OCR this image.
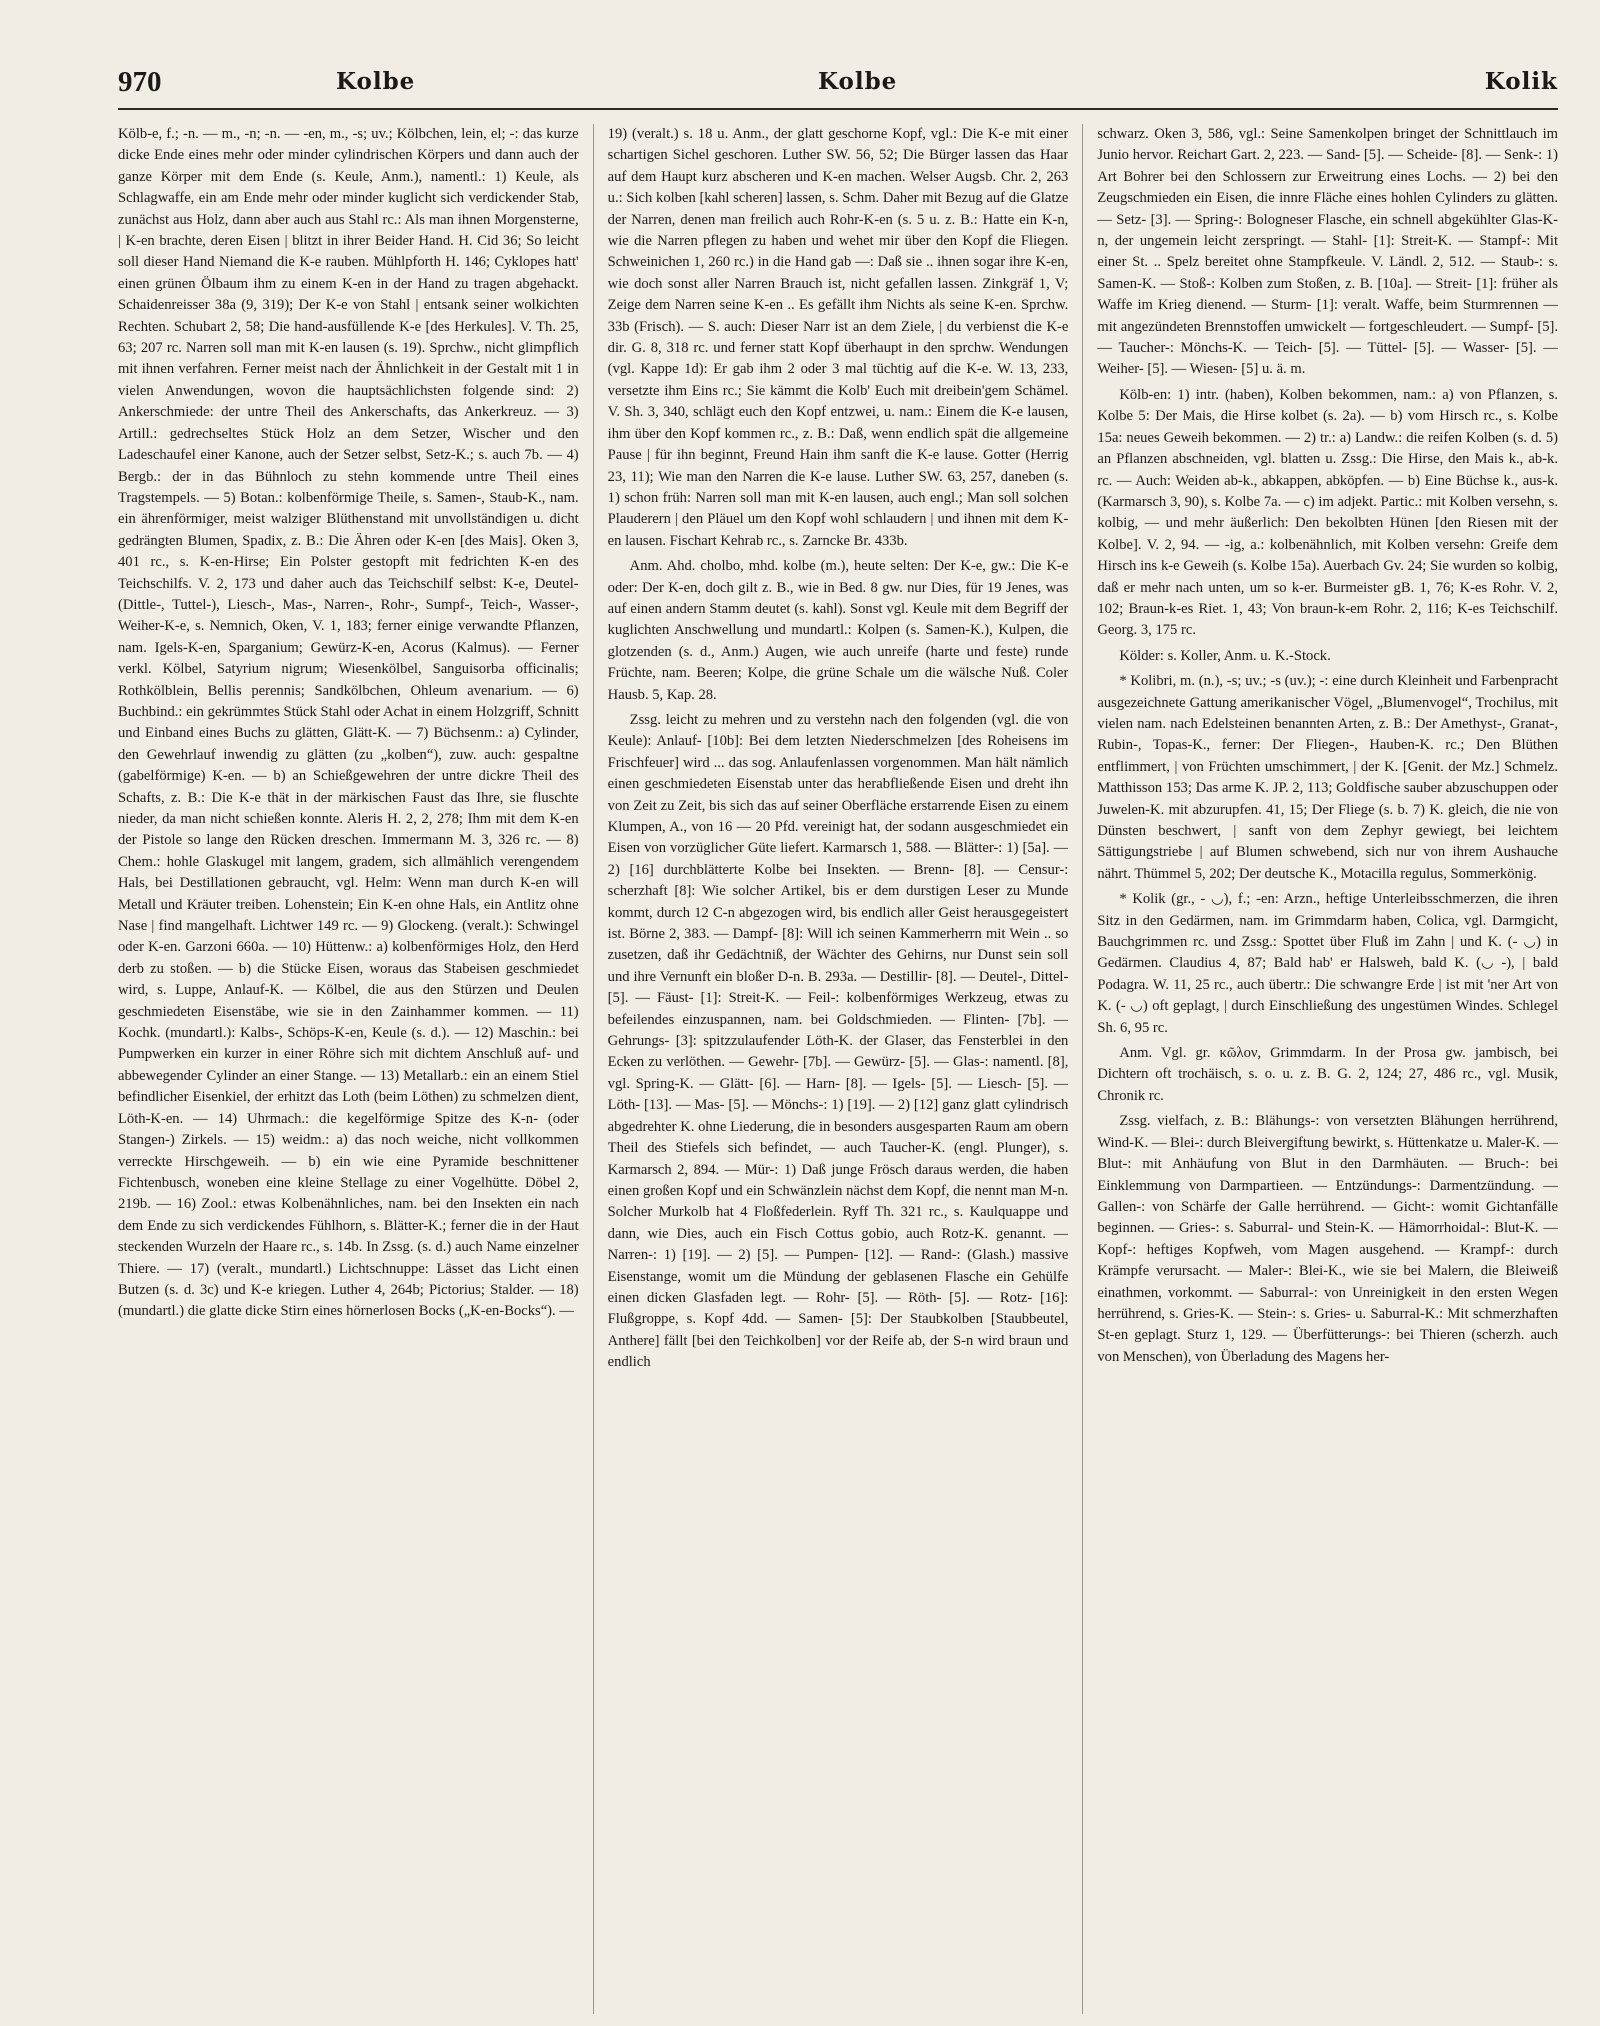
970	Kolbe	Kolbe	Kolik

Kölb-e, f.; -n. — m., -n; -n. — -en, m., -s; uv.; Kölbchen, lein, el; -: das kurze dicke Ende eines mehr oder minder cylindrischen Körpers und dann auch der ganze Körper mit dem Ende (s. Keule, Anm.), namentl.: 1) Keule, als Schlagwaffe, ein am Ende mehr oder minder kuglicht sich verdickender Stab, zunächst aus Holz, dann aber auch aus Stahl rc.: Als man ihnen Morgensterne, | K-en brachte, deren Eisen | blitzt in ihrer Beider Hand. H. Cid 36; So leicht soll dieser Hand Niemand die K-e rauben. Mühlpforth H. 146; Cyklopes hatt' einen grünen Ölbaum ihm zu einem K-en in der Hand zu tragen abgehackt. Schaidenreisser 38a (9, 319); Der K-e von Stahl | entsank seiner wolkichten Rechten. Schubart 2, 58; Die hand-ausfüllende K-e [des Herkules]. V. Th. 25, 63; 207 rc. Narren soll man mit K-en lausen (s. 19). Sprchw., nicht glimpflich mit ihnen verfahren. Ferner meist nach der Ähnlichkeit in der Gestalt mit 1 in vielen Anwendungen, wovon die hauptsächlichsten folgende sind: 2) Ankerschmiede: der untre Theil des Ankerschafts, das Ankerkreuz. — 3) Artill.: gedrechseltes Stück Holz an dem Setzer, Wischer und den Ladeschaufel einer Kanone, auch der Setzer selbst, Setz-K.; s. auch 7b. — 4) Bergb.: der in das Bühnloch zu stehn kommende untre Theil eines Tragstempels. — 5) Botan.: kolbenförmige Theile, s. Samen-, Staub-K., nam. ein ährenförmiger, meist walziger Blüthenstand mit unvollständigen u. dicht gedrängten Blumen, Spadix, z. B.: Die Ähren oder K-en [des Mais]. Oken 3, 401 rc., s. K-en-Hirse; Ein Polster gestopft mit fedrichten K-en des Teichschilfs. V. 2, 173 und daher auch das Teichschilf selbst: K-e, Deutel- (Dittle-, Tuttel-), Liesch-, Mas-, Narren-, Rohr-, Sumpf-, Teich-, Wasser-, Weiher-K-e, s. Nemnich, Oken, V. 1, 183; ferner einige verwandte Pflanzen, nam. Igels-K-en, Sparganium; Gewürz-K-en, Acorus (Kalmus). — Ferner verkl. Kölbel, Satyrium nigrum; Wiesenkölbel, Sanguisorba officinalis; Rothkölblein, Bellis perennis; Sandkölbchen, Ohleum avenarium. — 6) Buchbind.: ein gekrümmtes Stück Stahl oder Achat in einem Holzgriff, Schnitt und Einband eines Buchs zu glätten, Glätt-K. — 7) Büchsenm.: a) Cylinder, den Gewehrlauf inwendig zu glätten (zu „kolben“), zuw. auch: gespaltne (gabelförmige) K-en. — b) an Schießgewehren der untre dickre Theil des Schafts, z. B.: Die K-e thät in der märkischen Faust das Ihre, sie fluschte nieder, da man nicht schießen konnte. Aleris H. 2, 2, 278; Ihm mit dem K-en der Pistole so lange den Rücken dreschen. Immermann M. 3, 326 rc. — 8) Chem.: hohle Glaskugel mit langem, gradem, sich allmählich verengendem Hals, bei Destillationen gebraucht, vgl. Helm: Wenn man durch K-en will Metall und Kräuter treiben. Lohenstein; Ein K-en ohne Hals, ein Antlitz ohne Nase | find mangelhaft. Lichtwer 149 rc. — 9) Glockeng. (veralt.): Schwingel oder K-en. Garzoni 660a. — 10) Hüttenw.: a) kolbenförmiges Holz, den Herd derb zu stoßen. — b) die Stücke Eisen, woraus das Stabeisen geschmiedet wird, s. Luppe, Anlauf-K. — Kölbel, die aus den Stürzen und Deulen geschmiedeten Eisenstäbe, wie sie in den Zainhammer kommen. — 11) Kochk. (mundartl.): Kalbs-, Schöps-K-en, Keule (s. d.). — 12) Maschin.: bei Pumpwerken ein kurzer in einer Röhre sich mit dichtem Anschluß auf- und abbewegender Cylinder an einer Stange. — 13) Metallarb.: ein an einem Stiel befindlicher Eisenkiel, der erhitzt das Loth (beim Löthen) zu schmelzen dient, Löth-K-en. — 14) Uhrmach.: die kegelförmige Spitze des K-n- (oder Stangen-) Zirkels. — 15) weidm.: a) das noch weiche, nicht vollkommen verreckte Hirschgeweih. — b) ein wie eine Pyramide beschnittener Fichtenbusch, woneben eine kleine Stellage zu einer Vogelhütte. Döbel 2, 219b. — 16) Zool.: etwas Kolbenähnliches, nam. bei den Insekten ein nach dem Ende zu sich verdickendes Fühlhorn, s. Blätter-K.; ferner die in der Haut steckenden Wurzeln der Haare rc., s. 14b. In Zssg. (s. d.) auch Name einzelner Thiere. — 17) (veralt., mundartl.) Lichtschnuppe: Lässet das Licht einen Butzen (s. d. 3c) und K-e kriegen. Luther 4, 264b; Pictorius; Stalder. — 18) (mundartl.) die glatte dicke Stirn eines hörnerlosen Bocks („K-en-Bocks“). —

19) (veralt.) s. 18 u. Anm., der glatt geschorne Kopf, vgl.: Die K-e mit einer schartigen Sichel geschoren. Luther SW. 56, 52; Die Bürger lassen das Haar auf dem Haupt kurz abscheren und K-en machen. Welser Augsb. Chr. 2, 263 u.: Sich kolben [kahl scheren] lassen, s. Schm. Daher mit Bezug auf die Glatze der Narren, denen man freilich auch Rohr-K-en (s. 5 u. z. B.: Hatte ein K-n, wie die Narren pflegen zu haben und wehet mir über den Kopf die Fliegen. Schweinichen 1, 260 rc.) in die Hand gab —: Daß sie .. ihnen sogar ihre K-en, wie doch sonst aller Narren Brauch ist, nicht gefallen lassen. Zinkgräf 1, V; Zeige dem Narren seine K-en .. Es gefällt ihm Nichts als seine K-en. Sprchw. 33b (Frisch). — S. auch: Dieser Narr ist an dem Ziele, | du verbienst die K-e dir. G. 8, 318 rc. und ferner statt Kopf überhaupt in den sprchw. Wendungen (vgl. Kappe 1d): Er gab ihm 2 oder 3 mal tüchtig auf die K-e. W. 13, 233, versetzte ihm Eins rc.; Sie kämmt die Kolb' Euch mit dreibein'gem Schämel. V. Sh. 3, 340, schlägt euch den Kopf entzwei, u. nam.: Einem die K-e lausen, ihm über den Kopf kommen rc., z. B.: Daß, wenn endlich spät die allgemeine Pause | für ihn beginnt, Freund Hain ihm sanft die K-e lause. Gotter (Herrig 23, 11); Wie man den Narren die K-e lause. Luther SW. 63, 257, daneben (s. 1) schon früh: Narren soll man mit K-en lausen, auch engl.; Man soll solchen Plauderern | den Pläuel um den Kopf wohl schlaudern | und ihnen mit dem K-en lausen. Fischart Kehrab rc., s. Zarncke Br. 433b.

Anm. Ahd. cholbo, mhd. kolbe (m.), heute selten: Der K-e, gw.: Die K-e oder: Der K-en, doch gilt z. B., wie in Bed. 8 gw. nur Dies, für 19 Jenes, was auf einen andern Stamm deutet (s. kahl). Sonst vgl. Keule mit dem Begriff der kuglichten Anschwellung und mundartl.: Kolpen (s. Samen-K.), Kulpen, die glotzenden (s. d., Anm.) Augen, wie auch unreife (harte und feste) runde Früchte, nam. Beeren; Kolpe, die grüne Schale um die wälsche Nuß. Coler Hausb. 5, Kap. 28.

Zssg. leicht zu mehren und zu verstehn nach den folgenden (vgl. die von Keule): Anlauf- [10b]: Bei dem letzten Niederschmelzen [des Roheisens im Frischfeuer] wird ... das sog. Anlaufenlassen vorgenommen. Man hält nämlich einen geschmiedeten Eisenstab unter das herabfließende Eisen und dreht ihn von Zeit zu Zeit, bis sich das auf seiner Oberfläche erstarrende Eisen zu einem Klumpen, A., von 16 — 20 Pfd. vereinigt hat, der sodann ausgeschmiedet ein Eisen von vorzüglicher Güte liefert. Karmarsch 1, 588. — Blätter-: 1) [5a]. — 2) [16] durchblätterte Kolbe bei Insekten. — Brenn- [8]. — Censur-: scherzhaft [8]: Wie solcher Artikel, bis er dem durstigen Leser zu Munde kommt, durch 12 C-n abgezogen wird, bis endlich aller Geist herausgegeistert ist. Börne 2, 383. — Dampf- [8]: Will ich seinen Kammerherrn mit Wein .. so zusetzen, daß ihr Gedächtniß, der Wächter des Gehirns, nur Dunst sein soll und ihre Vernunft ein bloßer D-n. B. 293a. — Destillir- [8]. — Deutel-, Dittel- [5]. — Fäust- [1]: Streit-K. — Feil-: kolbenförmiges Werkzeug, etwas zu befeilendes einzuspannen, nam. bei Goldschmieden. — Flinten- [7b]. — Gehrungs- [3]: spitzzulaufender Löth-K. der Glaser, das Fensterblei in den Ecken zu verlöthen. — Gewehr- [7b]. — Gewürz- [5]. — Glas-: namentl. [8], vgl. Spring-K. — Glätt- [6]. — Harn- [8]. — Igels- [5]. — Liesch- [5]. — Löth- [13]. — Mas- [5]. — Mönchs-: 1) [19]. — 2) [12] ganz glatt cylindrisch abgedrehter K. ohne Liederung, die in besonders ausgesparten Raum am obern Theil des Stiefels sich befindet, — auch Taucher-K. (engl. Plunger), s. Karmarsch 2, 894. — Mür-: 1) Daß junge Frösch daraus werden, die haben einen großen Kopf und ein Schwänzlein nächst dem Kopf, die nennt man M-n. Solcher Murkolb hat 4 Floßfederlein. Ryff Th. 321 rc., s. Kaulquappe und dann, wie Dies, auch ein Fisch Cottus gobio, auch Rotz-K. genannt. — Narren-: 1) [19]. — 2) [5]. — Pumpen- [12]. — Rand-: (Glash.) massive Eisenstange, womit um die Mündung der geblasenen Flasche ein Gehülfe einen dicken Glasfaden legt. — Rohr- [5]. — Röth- [5]. — Rotz- [16]: Flußgroppe, s. Kopf 4dd. — Samen- [5]: Der Staubkolben [Staubbeutel, Anthere] fällt [bei den Teichkolben] vor der Reife ab, der S-n wird braun und endlich

schwarz. Oken 3, 586, vgl.: Seine Samenkolpen bringet der Schnittlauch im Junio hervor. Reichart Gart. 2, 223. — Sand- [5]. — Scheide- [8]. — Senk-: 1) Art Bohrer bei den Schlossern zur Erweitrung eines Lochs. — 2) bei den Zeugschmieden ein Eisen, die innre Fläche eines hohlen Cylinders zu glätten. — Setz- [3]. — Spring-: Bologneser Flasche, ein schnell abgekühlter Glas-K-n, der ungemein leicht zerspringt. — Stahl- [1]: Streit-K. — Stampf-: Mit einer St. .. Spelz bereitet ohne Stampfkeule. V. Ländl. 2, 512. — Staub-: s. Samen-K. — Stoß-: Kolben zum Stoßen, z. B. [10a]. — Streit- [1]: früher als Waffe im Krieg dienend. — Sturm- [1]: veralt. Waffe, beim Sturmrennen — mit angezündeten Brennstoffen umwickelt — fortgeschleudert. — Sumpf- [5]. — Taucher-: Mönchs-K. — Teich- [5]. — Tüttel- [5]. — Wasser- [5]. — Weiher- [5]. — Wiesen- [5] u. ä. m.

Kölb-en: 1) intr. (haben), Kolben bekommen, nam.: a) von Pflanzen, s. Kolbe 5: Der Mais, die Hirse kolbet (s. 2a). — b) vom Hirsch rc., s. Kolbe 15a: neues Geweih bekommen. — 2) tr.: a) Landw.: die reifen Kolben (s. d. 5) an Pflanzen abschneiden, vgl. blatten u. Zssg.: Die Hirse, den Mais k., ab-k. rc. — Auch: Weiden ab-k., abkappen, abköpfen. — b) Eine Büchse k., aus-k. (Karmarsch 3, 90), s. Kolbe 7a. — c) im adjekt. Partic.: mit Kolben versehn, s. kolbig, — und mehr äußerlich: Den bekolbten Hünen [den Riesen mit der Kolbe]. V. 2, 94. — -ig, a.: kolbenähnlich, mit Kolben versehn: Greife dem Hirsch ins k-e Geweih (s. Kolbe 15a). Auerbach Gv. 24; Sie wurden so kolbig, daß er mehr nach unten, um so k-er. Burmeister gB. 1, 76; K-es Rohr. V. 2, 102; Braun-k-es Riet. 1, 43; Von braun-k-em Rohr. 2, 116; K-es Teichschilf. Georg. 3, 175 rc.

Kölder: s. Koller, Anm. u. K.-Stock.

* Kolibri, m. (n.), -s; uv.; -s (uv.); -: eine durch Kleinheit und Farbenpracht ausgezeichnete Gattung amerikanischer Vögel, „Blumenvogel“, Trochilus, mit vielen nam. nach Edelsteinen benannten Arten, z. B.: Der Amethyst-, Granat-, Rubin-, Topas-K., ferner: Der Fliegen-, Hauben-K. rc.; Den Blüthen entflimmert, | von Früchten umschimmert, | der K. [Genit. der Mz.] Schmelz. Matthisson 153; Das arme K. JP. 2, 113; Goldfische sauber abzuschuppen oder Juwelen-K. mit abzurupfen. 41, 15; Der Fliege (s. b. 7) K. gleich, die nie von Dünsten beschwert, | sanft von dem Zephyr gewiegt, bei leichtem Sättigungstriebe | auf Blumen schwebend, sich nur von ihrem Aushauche nährt. Thümmel 5, 202; Der deutsche K., Motacilla regulus, Sommerkönig.

* Kolik (gr., - ◡), f.; -en: Arzn., heftige Unterleibsschmerzen, die ihren Sitz in den Gedärmen, nam. im Grimmdarm haben, Colica, vgl. Darmgicht, Bauchgrimmen rc. und Zssg.: Spottet über Fluß im Zahn | und K. (- ◡) in Gedärmen. Claudius 4, 87; Bald hab' er Halsweh, bald K. (◡ -), | bald Podagra. W. 11, 25 rc., auch übertr.: Die schwangre Erde | ist mit 'ner Art von K. (- ◡) oft geplagt, | durch Einschließung des ungestümen Windes. Schlegel Sh. 6, 95 rc.

Anm. Vgl. gr. κῶλον, Grimmdarm. In der Prosa gw. jambisch, bei Dichtern oft trochäisch, s. o. u. z. B. G. 2, 124; 27, 486 rc., vgl. Musik, Chronik rc.

Zssg. vielfach, z. B.: Blähungs-: von versetzten Blähungen herrührend, Wind-K. — Blei-: durch Bleivergiftung bewirkt, s. Hüttenkatze u. Maler-K. — Blut-: mit Anhäufung von Blut in den Darmhäuten. — Bruch-: bei Einklemmung von Darmpartieen. — Entzündungs-: Darmentzündung. — Gallen-: von Schärfe der Galle herrührend. — Gicht-: womit Gichtanfälle beginnen. — Gries-: s. Saburral- und Stein-K. — Hämorrhoidal-: Blut-K. — Kopf-: heftiges Kopfweh, vom Magen ausgehend. — Krampf-: durch Krämpfe verursacht. — Maler-: Blei-K., wie sie bei Malern, die Bleiweiß einathmen, vorkommt. — Saburral-: von Unreinigkeit in den ersten Wegen herrührend, s. Gries-K. — Stein-: s. Gries- u. Saburral-K.: Mit schmerzhaften St-en geplagt. Sturz 1, 129. — Überfütterungs-: bei Thieren (scherzh. auch von Menschen), von Überladung des Magens her-
